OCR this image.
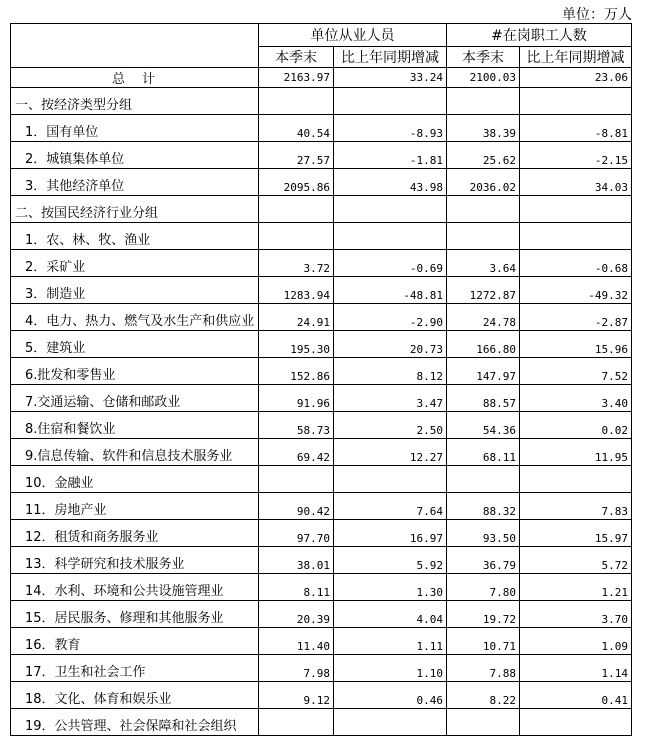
单位：万人
	单位从业人员		#在岗职工人数	
	本季末	比上年同期增减	本季末	比上年同期增减
总　计	2163.97	33.24	2100.03	23.06
一、按经济类型分组				
1．国有单位	40.54	-8.93	38.39	-8.81
2．城镇集体单位	27.57	-1.81	25.62	-2.15
3．其他经济单位	2095.86	43.98	2036.02	34.03
二、按国民经济行业分组				
1．农、林、牧、渔业				
2．采矿业	3.72	-0.69	3.64	-0.68
3．制造业	1283.94	-48.81	1272.87	-49.32
4．电力、热力、燃气及水生产和供应业	24.91	-2.90	24.78	-2.87
5．建筑业	195.30	20.73	166.80	15.96
6.批发和零售业	152.86	8.12	147.97	7.52
7.交通运输、仓储和邮政业	91.96	3.47	88.57	3.40
8.住宿和餐饮业	58.73	2.50	54.36	0.02
9.信息传输、软件和信息技术服务业	69.42	12.27	68.11	11.95
10．金融业				
11．房地产业	90.42	7.64	88.32	7.83
12．租赁和商务服务业	97.70	16.97	93.50	15.97
13．科学研究和技术服务业	38.01	5.92	36.79	5.72
14．水利、环境和公共设施管理业	8.11	1.30	7.80	1.21
15．居民服务、修理和其他服务业	20.39	4.04	19.72	3.70
16．教育	11.40	1.11	10.71	1.09
17．卫生和社会工作	7.98	1.10	7.88	1.14
18．文化、体育和娱乐业	9.12	0.46	8.22	0.41
19．公共管理、社会保障和社会组织				
